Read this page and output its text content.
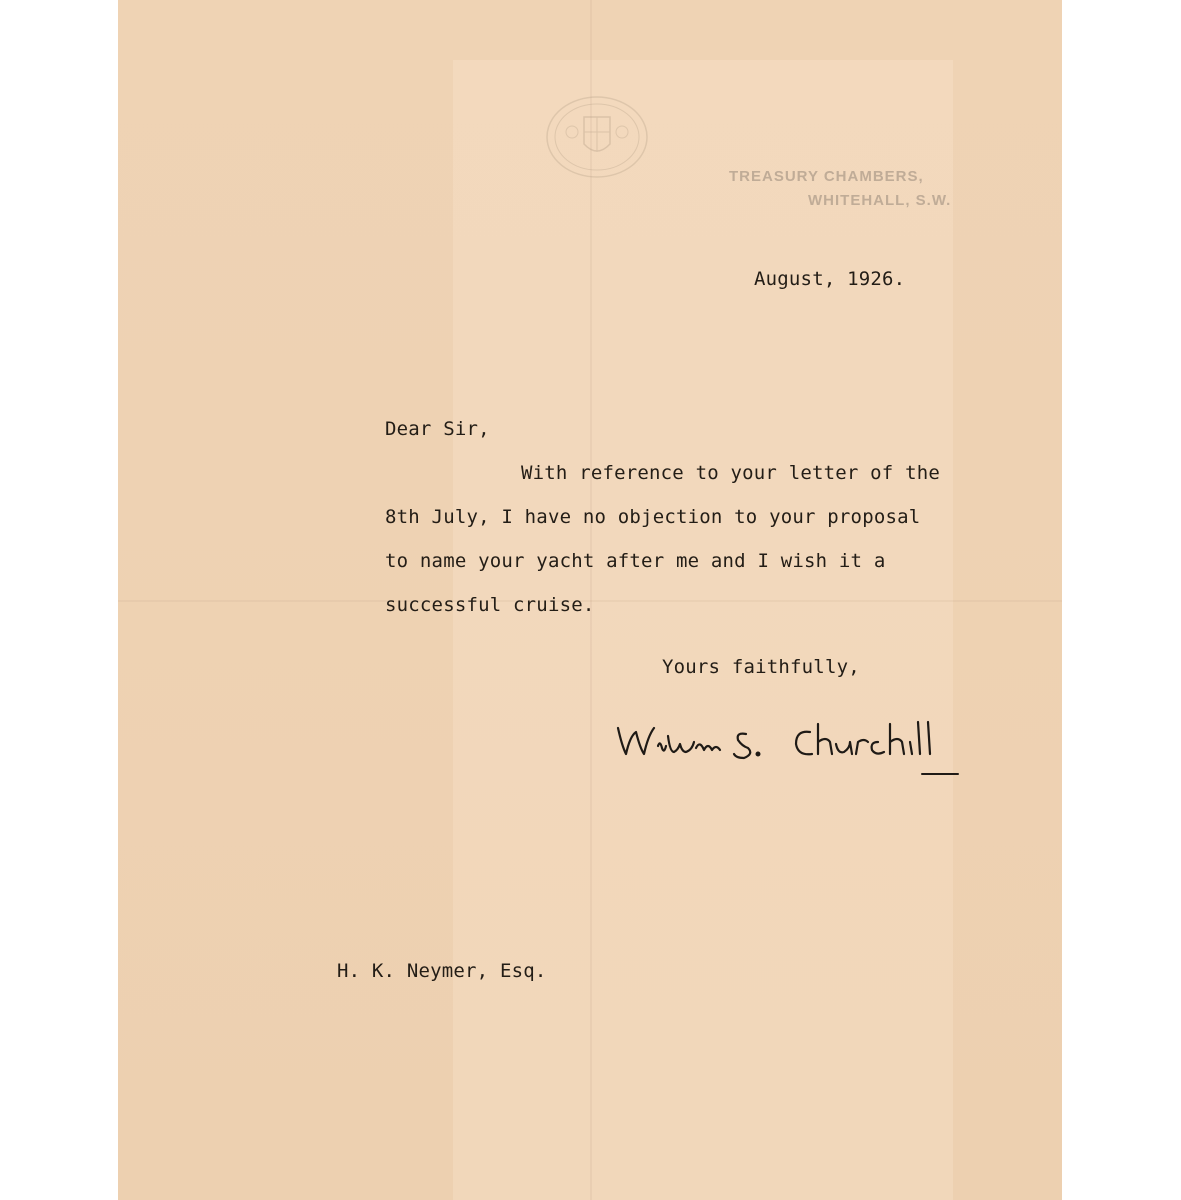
TREASURY CHAMBERS,
WHITEHALL, S.W.
August, 1926.
Dear Sir,
With reference to your letter of the
8th July, I have no objection to your proposal
to name your yacht after me and I wish it a
successful cruise.
Yours faithfully,
H. K. Neymer, Esq.
